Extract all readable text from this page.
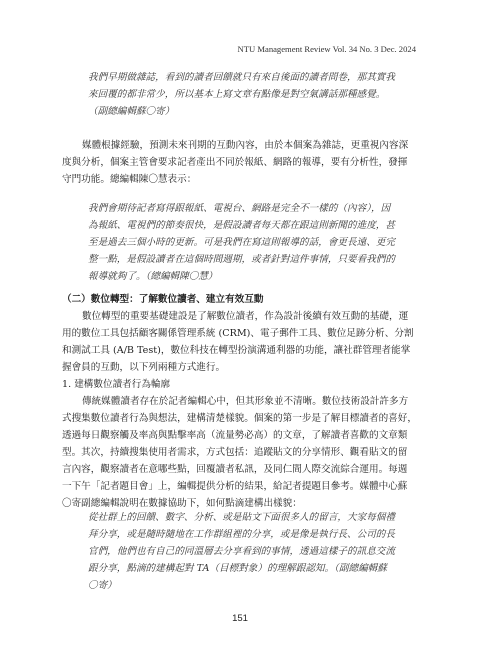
NTU Management Review Vol. 34 No. 3 Dec. 2024
我們早期做雜誌，看到的讀者回饋就只有來自後面的讀者問卷，那其實我
來回覆的都非常少，所以基本上寫文章有點像是對空氣講話那種感覺。
（副總編輯蘇〇寄）
媒體根據經驗，預測未來刊期的互動內容，由於本個案為雜誌，更重視內容深
度與分析，個案主管會要求記者產出不同於報紙、網路的報導，要有分析性，發揮
守門功能。總編輯陳〇慧表示：
我們會期待記者寫得跟報紙、電視台、網路是完全不一樣的（內容），因
為報紙、電視們的節奏很快，是假設讀者每天都在跟這則新聞的進度，甚
至是過去三個小時的更新。可是我們在寫這則報導的話，會更長遠、更完
整一點，是假設讀者在這個時間週期，或者針對這件事情，只要看我們的
報導就夠了。（總編輯陳〇慧）
（二）數位轉型：了解數位讀者、建立有效互動
數位轉型的重要基礎建設是了解數位讀者，作為設計後續有效互動的基礎，運
用的數位工具包括顧客關係管理系統 (CRM)、電子郵件工具、數位足跡分析、分割
和測試工具 (A/B Test)，數位科技在轉型扮演溝通利器的功能，讓社群管理者能掌
握會員的互動，以下列兩種方式進行。
1. 建構數位讀者行為輪廓
傳統媒體讀者存在於記者編輯心中，但其形象並不清晰。數位技術設計許多方
式搜集數位讀者行為與想法，建構清楚樣貌。個案的第一步是了解目標讀者的喜好，
透過每日觀察觸及率高與點擊率高（流量勢必高）的文章，了解讀者喜歡的文章類
型。其次，持續搜集使用者需求，方式包括：追蹤貼文的分享情形、觀看貼文的留
言內容，觀察讀者在意哪些點，回覆讀者私訊，及同仁間人際交流綜合運用。每週
一下午「記者題目會」上，編輯提供分析的結果，給記者提題目參考。媒體中心蘇
〇寄副總編輯說明在數據協助下，如何點滴建構出樣貌：
從社群上的回饋、數字、分析、或是貼文下面很多人的留言，大家每個禮
拜分享，或是隨時隨地在工作群組裡的分享，或是像是執行長、公司的長
官們，他們也有自己的同溫層去分享看到的事情，透過這樣子的訊息交流
跟分享，點滴的建構起對 TA（目標對象）的理解跟認知。（副總編輯蘇
〇寄）
151
